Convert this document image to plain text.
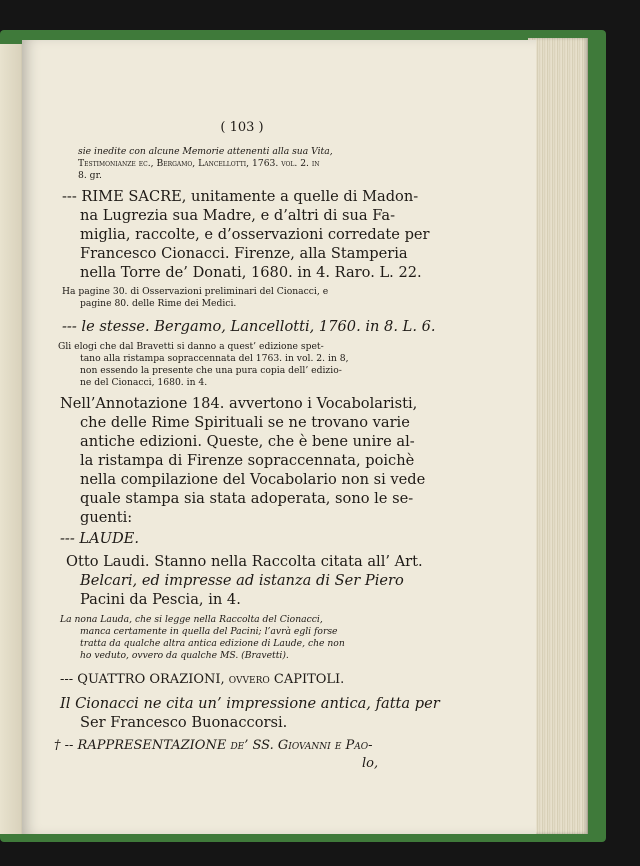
( 103 )
sie inedite con alcune Memorie attenenti alla sua Vita,
Testimonianze ec., Bergamo, Lancellotti, 1763. vol. 2. in
8. gr.
--- RIME SACRE, unitamente a quelle di Madon-
na Lugrezia sua Madre, e d’altri di sua Fa-
miglia, raccolte, e d’osservazioni corredate per
Francesco Cionacci. Firenze, alla Stamperia
nella Torre de’ Donati, 1680. in 4. Raro. L. 22.
Ha pagine 30. di Osservazioni preliminari del Cionacci, e
pagine 80. delle Rime dei Medici.
--- le stesse. Bergamo, Lancellotti, 1760. in 8. L. 6.
Gli elogi che dal Bravetti si danno a quest’ edizione spet-
tano alla ristampa sopraccennata del 1763. in vol. 2. in 8,
non essendo la presente che una pura copia dell’ edizio-
ne del Cionacci, 1680. in 4.
Nell’Annotazione 184. avvertono i Vocabolaristi,
che delle Rime Spirituali se ne trovano varie
antiche edizioni. Queste, che è bene unire al-
la ristampa di Firenze sopraccennata, poichè
nella compilazione del Vocabolario non si vede
quale stampa sia stata adoperata, sono le se-
guenti:
--- LAUDE.
Otto Laudi. Stanno nella Raccolta citata all’ Art.
Belcari, ed impresse ad istanza di Ser Piero
Pacini da Pescia, in 4.
La nona Lauda, che si legge nella Raccolta del Cionacci,
manca certamente in quella del Pacini; l’avrà egli forse
tratta da qualche altra antica edizione di Laude, che non
ho veduto, ovvero da qualche MS. (Bravetti).
--- QUATTRO ORAZIONI, ovvero CAPITOLI.
Il Cionacci ne cita un’ impressione antica, fatta per
Ser Francesco Buonaccorsi.
† -- RAPPRESENTAZIONE de’ SS. Giovanni e Pao-
lo,
